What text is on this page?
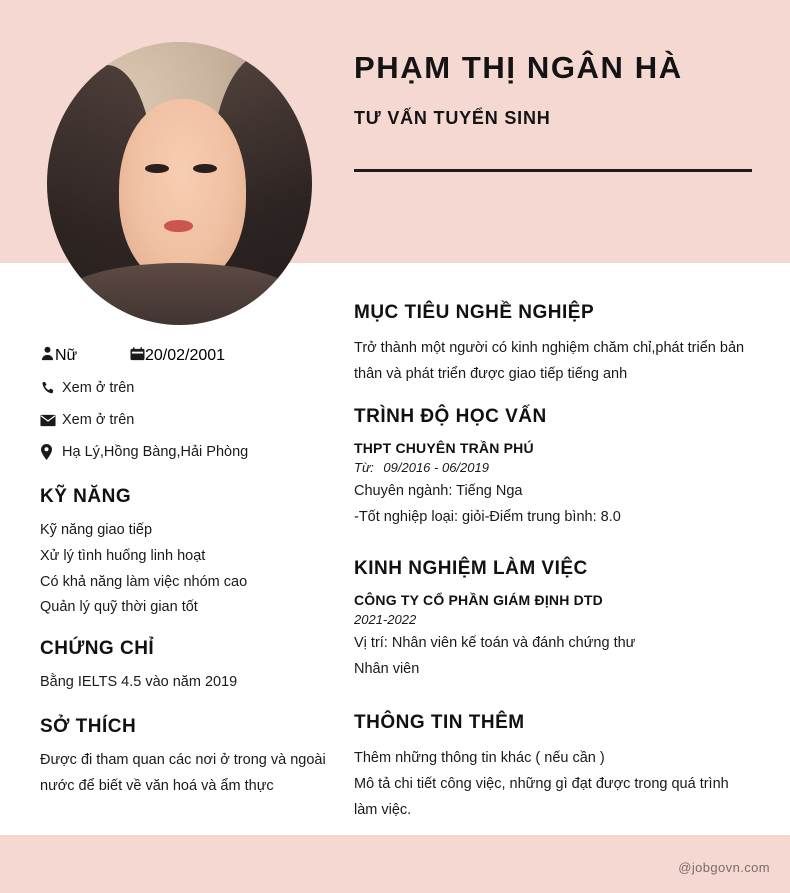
PHẠM THỊ NGÂN HÀ
TƯ VẤN TUYỂN SINH
Nữ	20/02/2001
Xem ở trên
Xem ở trên
Hạ Lý,Hồng Bàng,Hải Phòng
KỸ NĂNG
Kỹ năng giao tiếp
Xử lý tình huống linh hoạt
Có khả năng làm việc nhóm cao
Quản lý quỹ thời gian tốt
CHỨNG CHỈ
Bằng IELTS 4.5 vào năm 2019
SỞ THÍCH
Được đi tham quan các nơi ở trong và ngoài nước để biết về văn hoá và ẩm thực
MỤC TIÊU NGHỀ NGHIỆP
Trở thành một người có kinh nghiệm chăm chỉ,phát triển bản thân và phát triển được giao tiếp tiếng anh
TRÌNH ĐỘ HỌC VẤN
THPT CHUYÊN TRẦN PHÚ
Từ: 09/2016 - 06/2019
Chuyên ngành: Tiếng Nga
-Tốt nghiệp loại: giỏi-Điểm trung bình: 8.0
KINH NGHIỆM LÀM VIỆC
CÔNG TY CỔ PHẦN GIÁM ĐỊNH DTD
2021-2022
Vị trí: Nhân viên kế toán và đánh chứng thư
Nhân viên
THÔNG TIN THÊM
Thêm những thông tin khác ( nếu cần )
Mô tả chi tiết công việc, những gì đạt được trong quá trình làm việc.
@jobgovn.com
